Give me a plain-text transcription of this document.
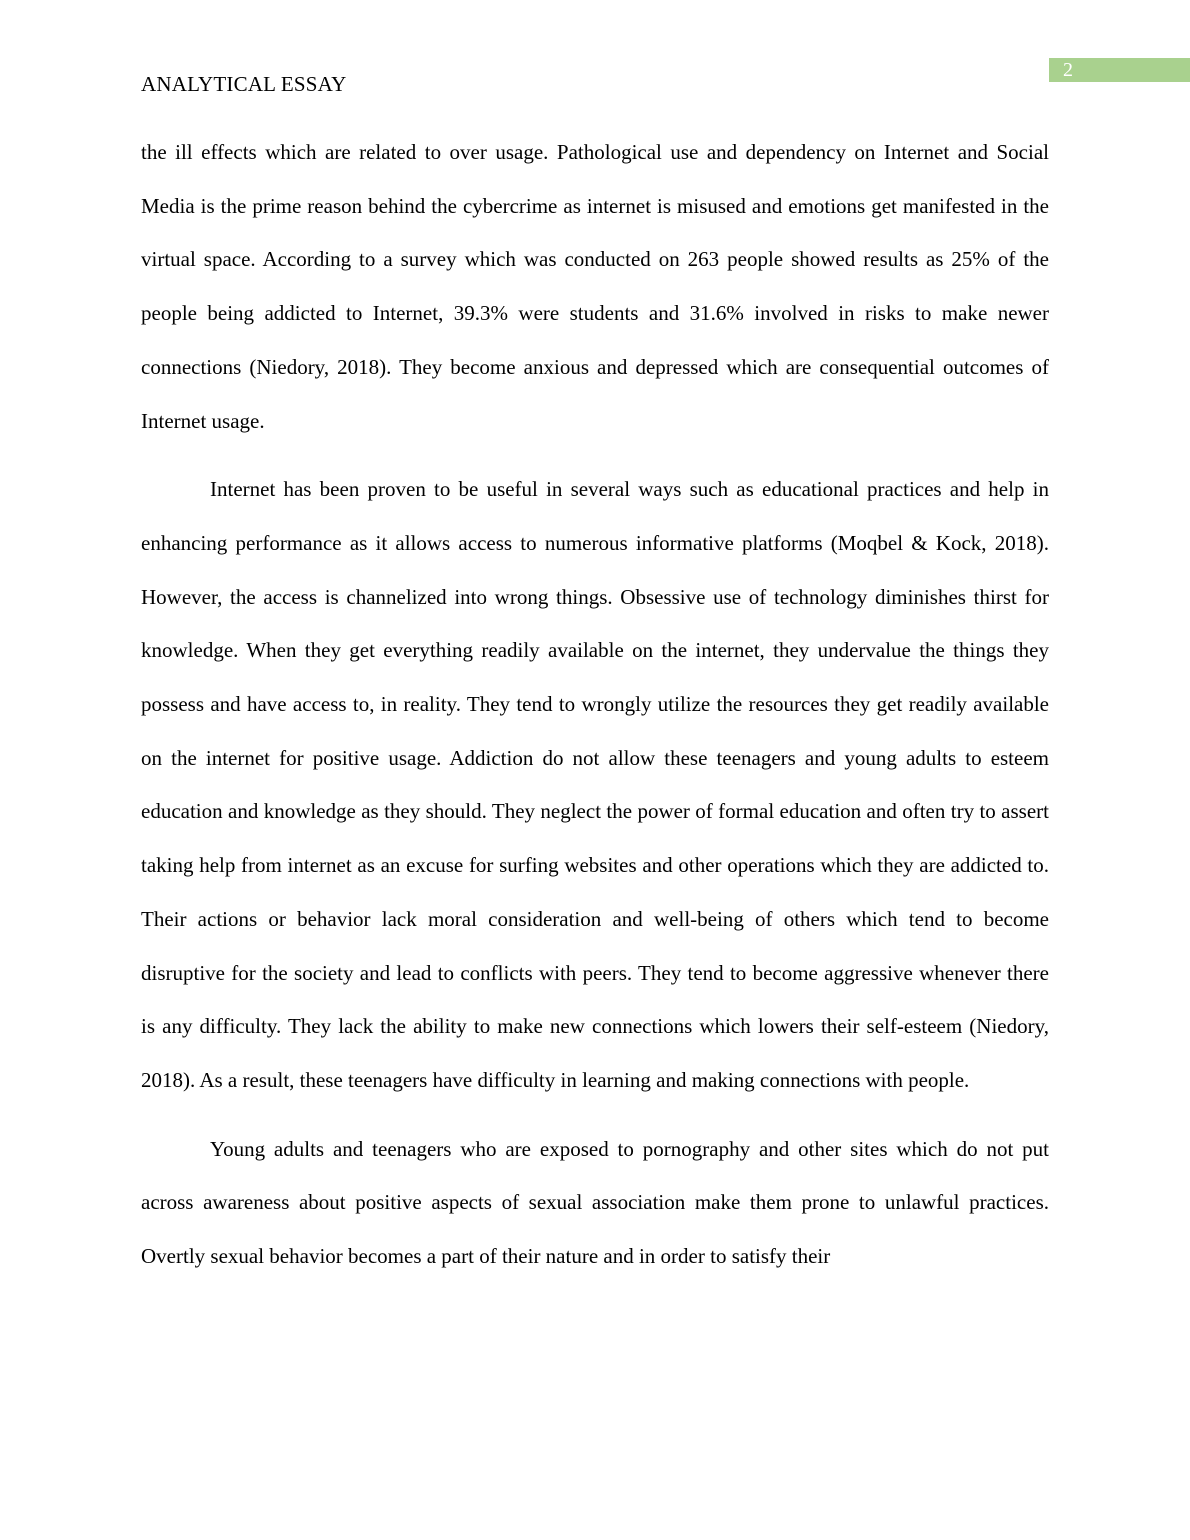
2
ANALYTICAL ESSAY

the ill effects which are related to over usage. Pathological use and dependency on Internet and Social Media is the prime reason behind the cybercrime as internet is misused and emotions get manifested in the virtual space. According to a survey which was conducted on 263 people showed results as 25% of the people being addicted to Internet, 39.3% were students and 31.6% involved in risks to make newer connections (Niedory, 2018). They become anxious and depressed which are consequential outcomes of Internet usage.

Internet has been proven to be useful in several ways such as educational practices and help in enhancing performance as it allows access to numerous informative platforms (Moqbel & Kock, 2018). However, the access is channelized into wrong things. Obsessive use of technology diminishes thirst for knowledge. When they get everything readily available on the internet, they undervalue the things they possess and have access to, in reality. They tend to wrongly utilize the resources they get readily available on the internet for positive usage. Addiction do not allow these teenagers and young adults to esteem education and knowledge as they should. They neglect the power of formal education and often try to assert taking help from internet as an excuse for surfing websites and other operations which they are addicted to. Their actions or behavior lack moral consideration and well-being of others which tend to become disruptive for the society and lead to conflicts with peers. They tend to become aggressive whenever there is any difficulty. They lack the ability to make new connections which lowers their self-esteem (Niedory, 2018). As a result, these teenagers have difficulty in learning and making connections with people.

Young adults and teenagers who are exposed to pornography and other sites which do not put across awareness about positive aspects of sexual association make them prone to unlawful practices. Overtly sexual behavior becomes a part of their nature and in order to satisfy their
